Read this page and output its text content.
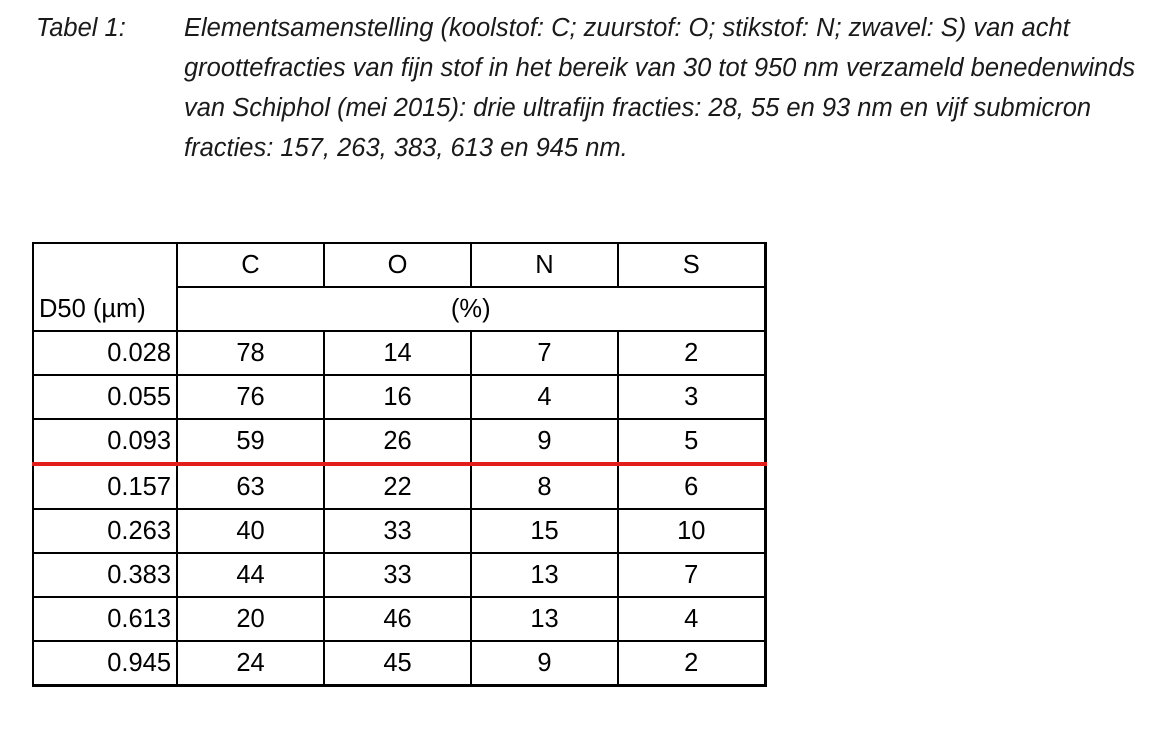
Tabel 1: Elementsamenstelling (koolstof: C; zuurstof: O; stikstof: N; zwavel: S) van acht groottefracties van fijn stof in het bereik van 30 tot 950 nm verzameld benedenwinds van Schiphol (mei 2015): drie ultrafijn fracties: 28, 55 en 93 nm en vijf submicron fracties: 157, 263, 383, 613 en 945 nm.
D50 (µm)	C	O	N	S
	(%)			
0.028	78	14	7	2
0.055	76	16	4	3
0.093	59	26	9	5
0.157	63	22	8	6
0.263	40	33	15	10
0.383	44	33	13	7
0.613	20	46	13	4
0.945	24	45	9	2
